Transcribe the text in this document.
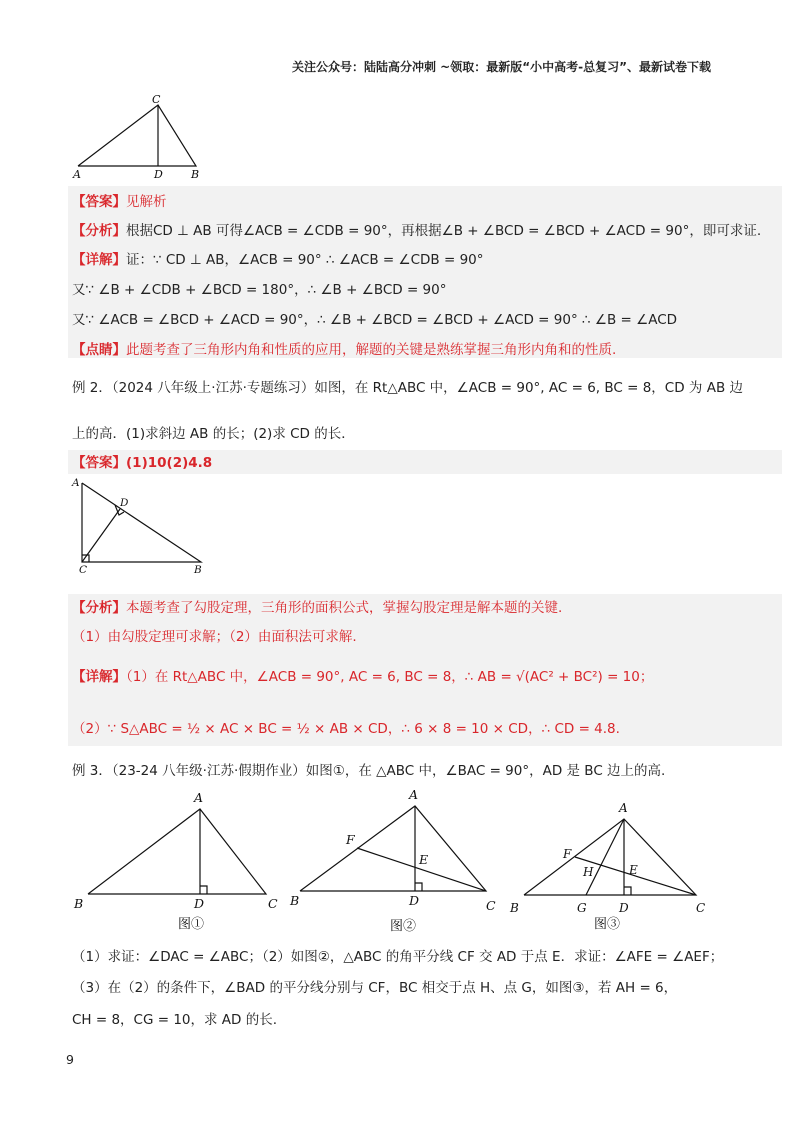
关注公众号：陆陆高分冲刺 ~领取：最新版“小中高考-总复习”、最新试卷下载
C
A	D	B
【答案】见解析
【分析】根据CD ⊥ AB 可得∠ACB = ∠CDB = 90°，再根据∠B + ∠BCD = ∠BCD + ∠ACD = 90°，即可求证.
【详解】证：∵ CD ⊥ AB，∠ACB = 90° ∴ ∠ACB = ∠CDB = 90°
又∵ ∠B + ∠CDB + ∠BCD = 180°，∴ ∠B + ∠BCD = 90°
又∵ ∠ACB = ∠BCD + ∠ACD = 90°，∴ ∠B + ∠BCD = ∠BCD + ∠ACD = 90° ∴ ∠B = ∠ACD
【点睛】此题考查了三角形内角和性质的应用，解题的关键是熟练掌握三角形内角和的性质.
例 2．（2024 八年级上·江苏·专题练习）如图，在 Rt△ABC 中，∠ACB = 90°, AC = 6, BC = 8，CD 为 AB 边
上的高．(1)求斜边 AB 的长；(2)求 CD 的长．
【答案】(1)10(2)4.8
A
D
C	B
【分析】本题考查了勾股定理，三角形的面积公式，掌握勾股定理是解本题的关键.
（1）由勾股定理可求解；（2）由面积法可求解.
【详解】（1）在 Rt△ABC 中，∠ACB = 90°, AC = 6, BC = 8，∴ AB = √(AC² + BC²) = 10；
（2）∵ S△ABC = ½ × AC × BC = ½ × AB × CD，∴ 6 × 8 = 10 × CD，∴ CD = 4.8.
例 3．（23-24 八年级·江苏·假期作业）如图①，在 △ABC 中，∠BAC = 90°，AD 是 BC 边上的高.
A
B	D	C
图①
A
F
E
B	D	C
图②
A
F
H	E
B	G	D	C
图③
（1）求证：∠DAC = ∠ABC；（2）如图②，△ABC 的角平分线 CF 交 AD 于点 E．求证：∠AFE = ∠AEF；
（3）在（2）的条件下，∠BAD 的平分线分别与 CF，BC 相交于点 H、点 G，如图③，若 AH = 6，
CH = 8，CG = 10，求 AD 的长.
9
